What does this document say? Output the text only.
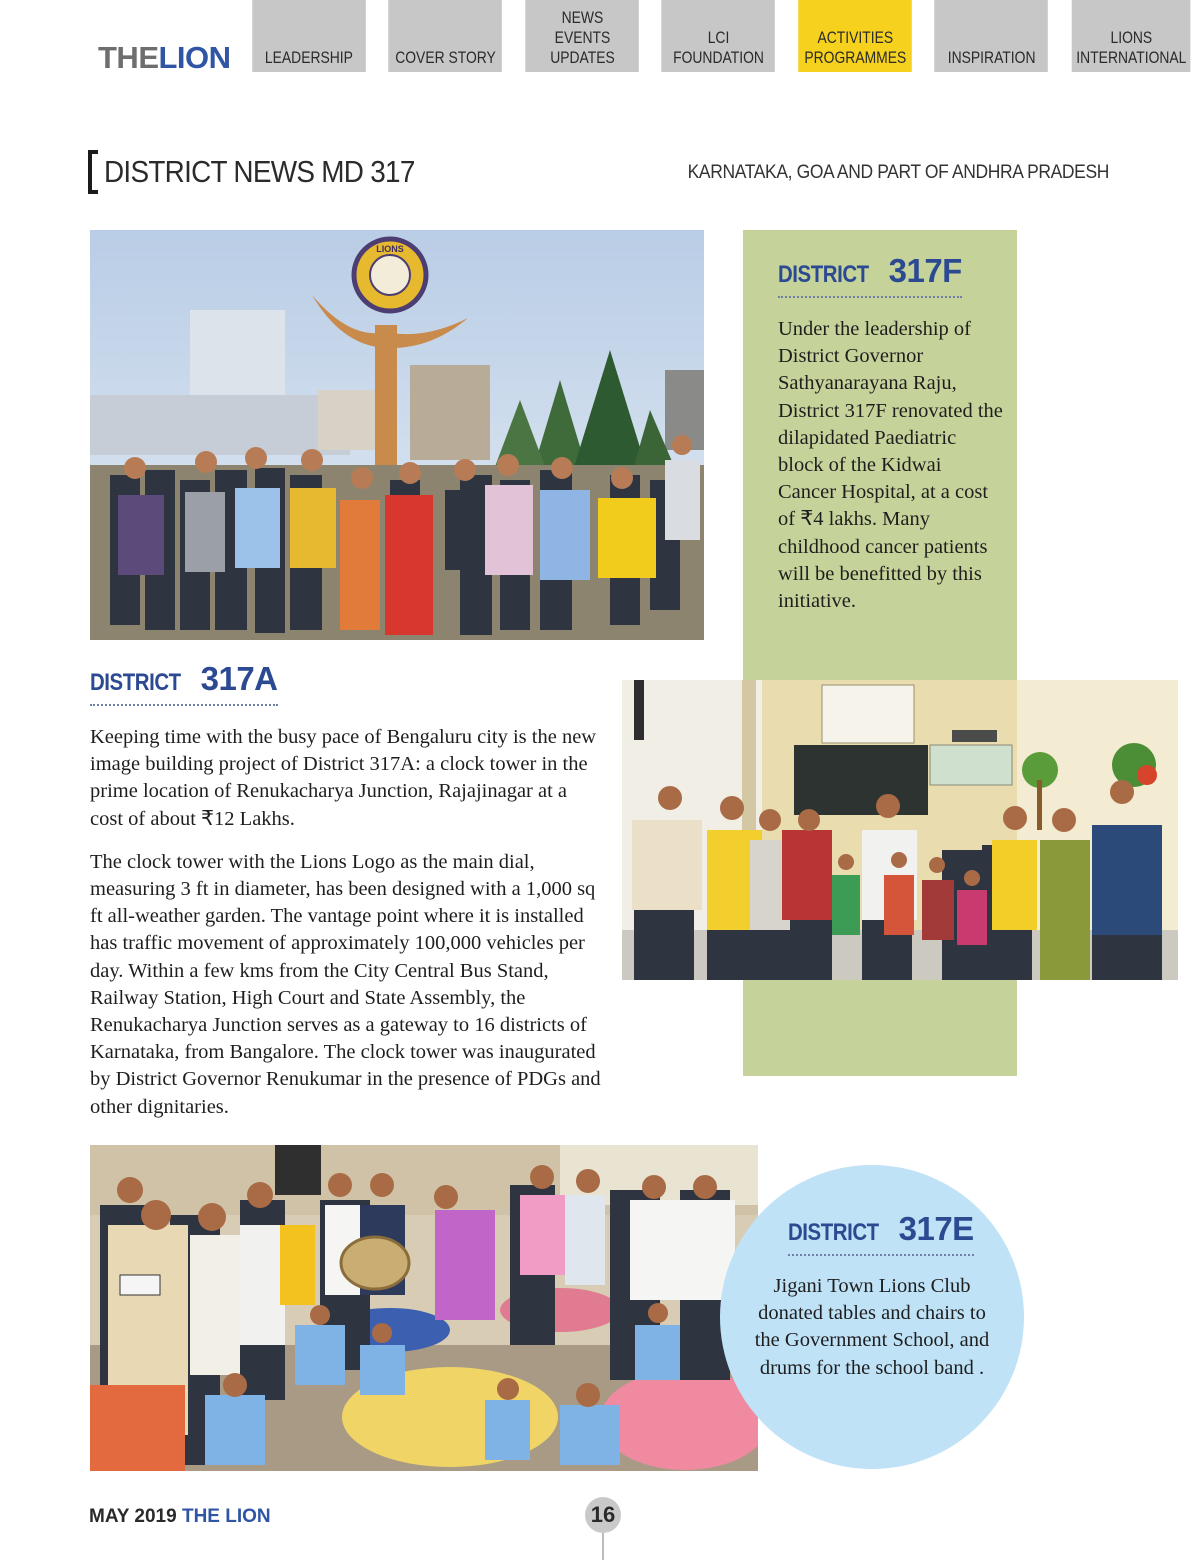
THELION LEADERSHIP COVER STORY
NEWS
EVENTS
UPDATES
LCI
FOUNDATION
ACTIVITIES
PROGRAMMES INSPIRATION
LIONS
INTERNATIONAL
DISTRICT NEWS MD 317	KARNATAKA, GOA AND PART OF ANDHRA PRADESH
LIONS
DISTRICT 317F
Under the leadership of District Governor Sathyanarayana Raju, District 317F renovated the dilapidated Paediatric block of the Kidwai Cancer Hospital, at a cost of ₹4 lakhs. Many childhood cancer patients will be benefitted by this initiative.
DISTRICT 317A

Keeping time with the busy pace of Bengaluru city is the new image building project of District 317A: a clock tower in the prime location of Renukacharya Junction, Rajajinagar at a cost of about ₹12 Lakhs.

The clock tower with the Lions Logo as the main dial, measuring 3 ft in diameter, has been designed with a 1,000 sq ft all-weather garden. The vantage point where it is installed has traffic movement of approximately 100,000 vehicles per day. Within a few kms from the City Central Bus Stand, Railway Station, High Court and State Assembly, the Renukacharya Junction serves as a gateway to 16 districts of Karnataka, from Bangalore. The clock tower was inaugurated by District Governor Renukumar in the presence of PDGs and other dignitaries.

DISTRICT 317E
Jigani Town Lions Club donated tables and chairs to the Government School, and drums for the school band .
MAY 2019 THE LION	16
